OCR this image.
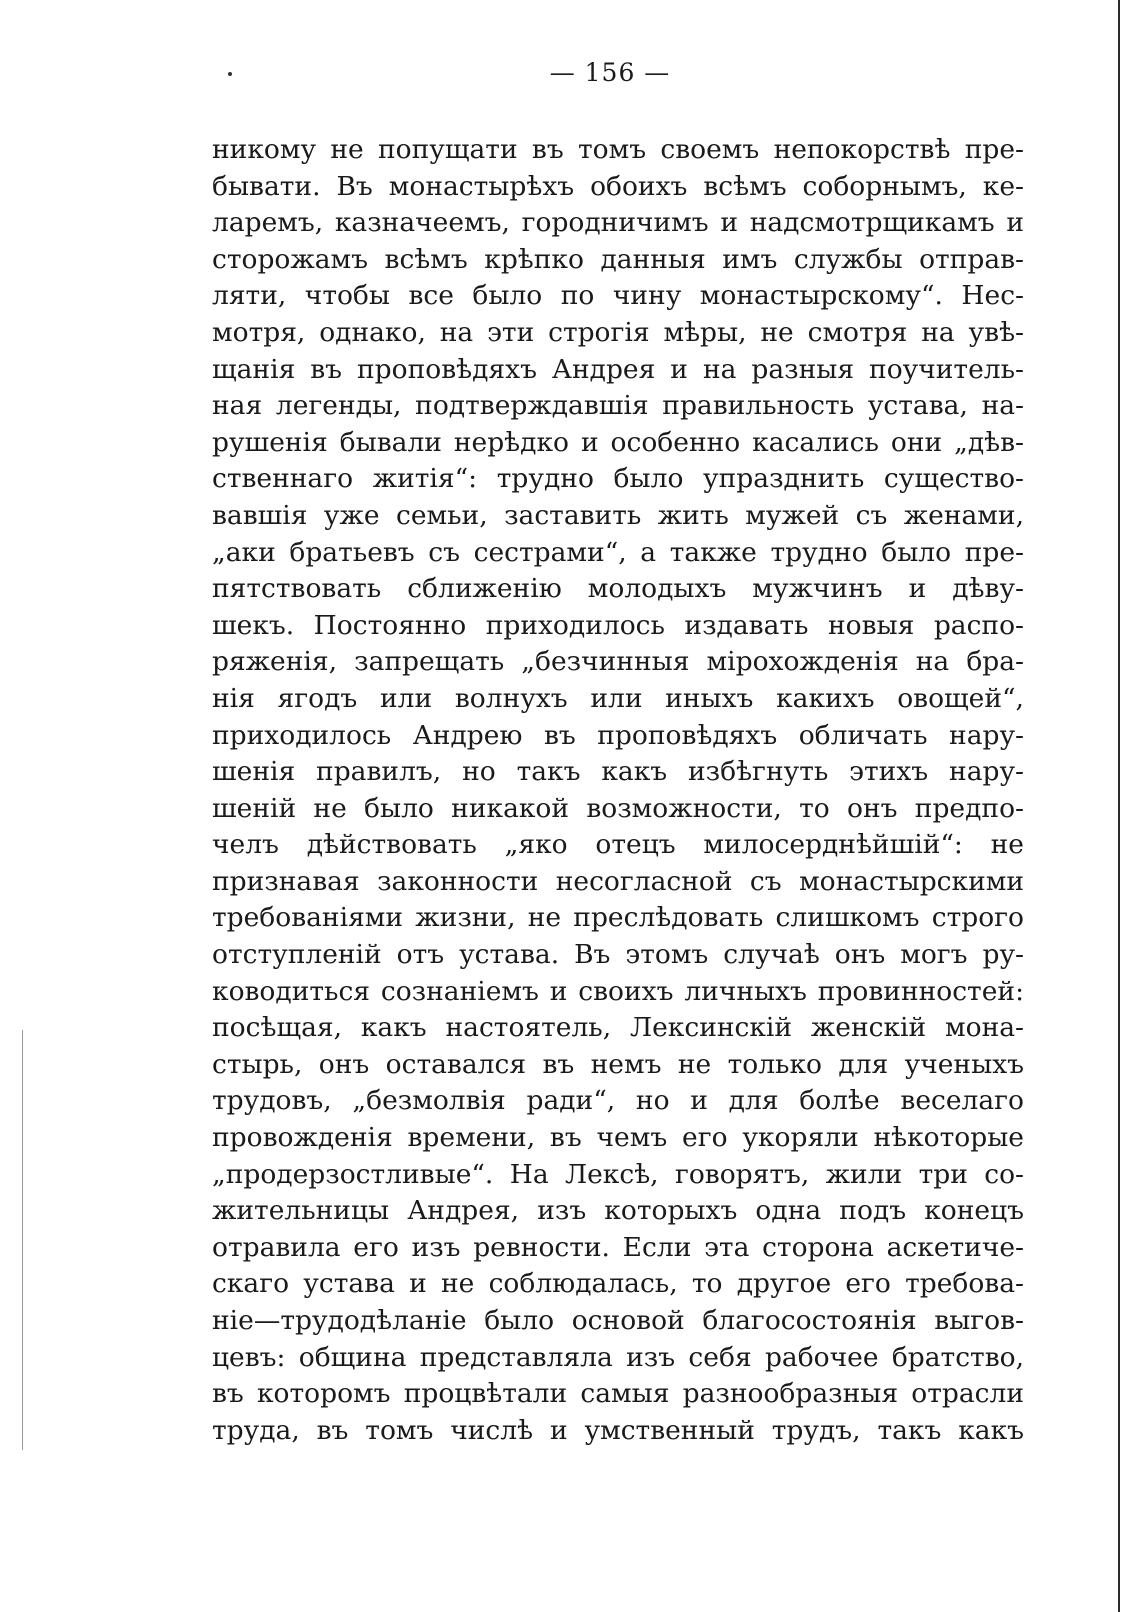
— 156 —
никому не попущати въ томъ своемъ непокорствѣ пре-
бывати. Въ монастырѣхъ обоихъ всѣмъ соборнымъ, ке-
ларемъ, казначеемъ, городничимъ и надсмотрщикамъ и
сторожамъ всѣмъ крѣпко данныя имъ службы отправ-
ляти, чтобы все было по чину монастырскому“. Нес-
мотря, однако, на эти строгія мѣры, не смотря на увѣ-
щанія въ проповѣдяхъ Андрея и на разныя поучитель-
ная легенды, подтверждавшія правильность устава, на-
рушенія бывали нерѣдко и особенно касались они „дѣв-
ственнаго житія“: трудно было упразднить существо-
вавшія уже семьи, заставить жить мужей съ женами,
„аки братьевъ съ сестрами“, а также трудно было пре-
пятствовать сближенію молодыхъ мужчинъ и дѣву-
шекъ. Постоянно приходилось издавать новыя распо-
ряженія, запрещать „безчинныя мірохожденія на бра-
нія ягодъ или волнухъ или иныхъ какихъ овощей“,
приходилось Андрею въ проповѣдяхъ обличать нару-
шенія правилъ, но такъ какъ избѣгнуть этихъ нару-
шеній не было никакой возможности, то онъ предпо-
челъ дѣйствовать „яко отецъ милосерднѣйшій“: не
признавая законности несогласной съ монастырскими
требованіями жизни, не преслѣдовать слишкомъ строго
отступленій отъ устава. Въ этомъ случаѣ онъ могъ ру-
ководиться сознаніемъ и своихъ личныхъ провинностей:
посѣщая, какъ настоятель, Лексинскій женскій мона-
стырь, онъ оставался въ немъ не только для ученыхъ
трудовъ, „безмолвія ради“, но и для болѣе веселаго
провожденія времени, въ чемъ его укоряли нѣкоторые
„продерзостливые“. На Лексѣ, говорятъ, жили три со-
жительницы Андрея, изъ которыхъ одна подъ конецъ
отравила его изъ ревности. Если эта сторона аскетиче-
скаго устава и не соблюдалась, то другое его требова-
ніе—трудодѣланіе было основой благосостоянія выгов-
цевъ: община представляла изъ себя рабочее братство,
въ которомъ процвѣтали самыя разнообразныя отрасли
труда, въ томъ числѣ и умственный трудъ, такъ какъ
